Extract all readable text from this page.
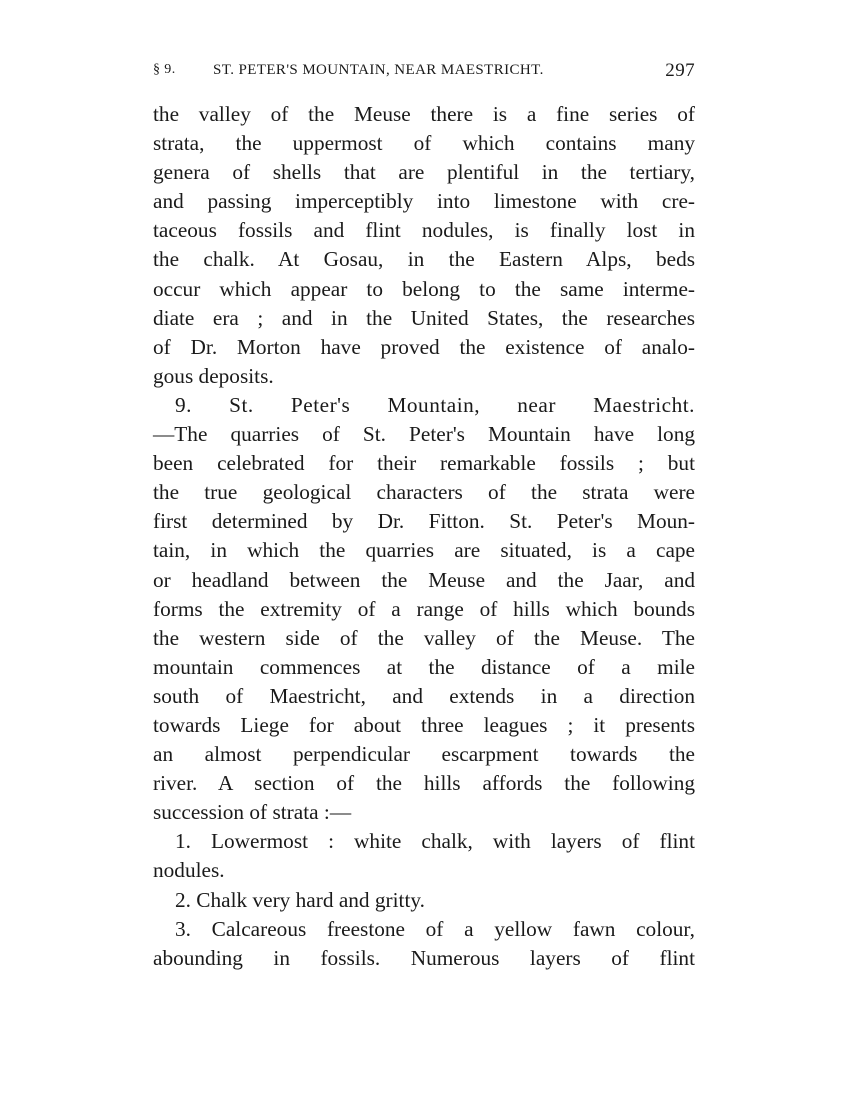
§ 9. ST. PETER'S MOUNTAIN, NEAR MAESTRICHT.	297
the valley of the Meuse there is a fine series of
strata, the uppermost of which contains many
genera of shells that are plentiful in the tertiary,
and passing imperceptibly into limestone with cre-
taceous fossils and flint nodules, is finally lost in
the chalk. At Gosau, in the Eastern Alps, beds
occur which appear to belong to the same interme-
diate era ; and in the United States, the researches
of Dr. Morton have proved the existence of analo-
gous deposits.
9. St. Peter's Mountain, near Maestricht.
—The quarries of St. Peter's Mountain have long
been celebrated for their remarkable fossils ; but
the true geological characters of the strata were
first determined by Dr. Fitton. St. Peter's Moun-
tain, in which the quarries are situated, is a cape
or headland between the Meuse and the Jaar, and
forms the extremity of a range of hills which bounds
the western side of the valley of the Meuse. The
mountain commences at the distance of a mile
south of Maestricht, and extends in a direction
towards Liege for about three leagues ; it presents
an almost perpendicular escarpment towards the
river. A section of the hills affords the following
succession of strata :—
1. Lowermost : white chalk, with layers of flint
nodules.
2. Chalk very hard and gritty.
3. Calcareous freestone of a yellow fawn colour,
abounding in fossils. Numerous layers of flint
